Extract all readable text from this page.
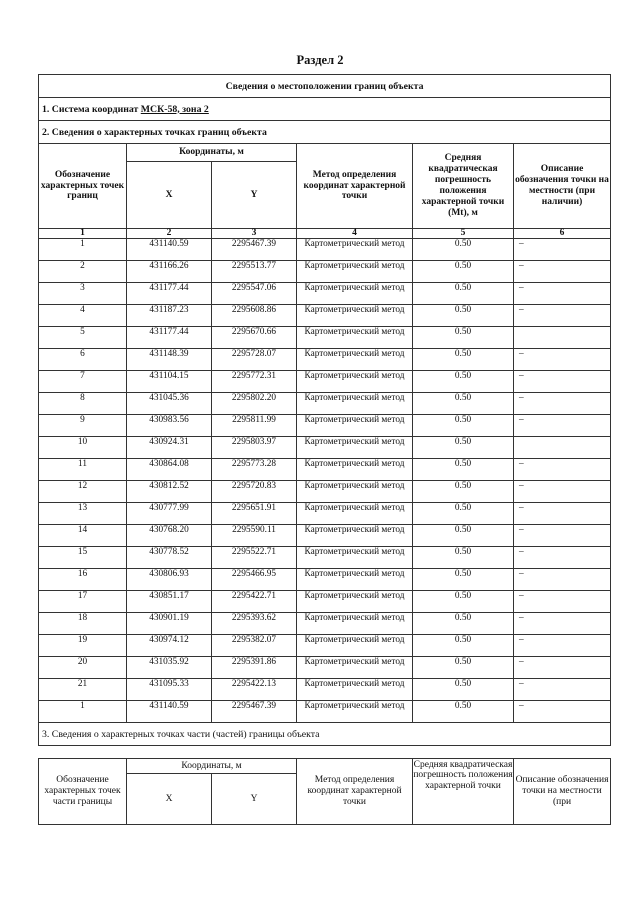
Раздел 2
Сведения о местоположении границ объекта					
1. Система координат МСК-58, зона 2					
2. Сведения о характерных точках границ объекта					
Обозначение характерных точек границ	Координаты, м		Метод определения координат характерной точки	Средняя квадратическая погрешность положения характерной точки (Mt), м	Описание обозначения точки на местности (при наличии)
	X	Y			
1	2	3	4	5	6
1	431140.59	2295467.39	Картометрический метод	0.50	–
2	431166.26	2295513.77	Картометрический метод	0.50	–
3	431177.44	2295547.06	Картометрический метод	0.50	–
4	431187.23	2295608.86	Картометрический метод	0.50	–
5	431177.44	2295670.66	Картометрический метод	0.50	
6	431148.39	2295728.07	Картометрический метод	0.50	–
7	431104.15	2295772.31	Картометрический метод	0.50	–
8	431045.36	2295802.20	Картометрический метод	0.50	–
9	430983.56	2295811.99	Картометрический метод	0.50	–
10	430924.31	2295803.97	Картометрический метод	0.50	
11	430864.08	2295773.28	Картометрический метод	0.50	–
12	430812.52	2295720.83	Картометрический метод	0.50	–
13	430777.99	2295651.91	Картометрический метод	0.50	–
14	430768.20	2295590.11	Картометрический метод	0.50	–
15	430778.52	2295522.71	Картометрический метод	0.50	–
16	430806.93	2295466.95	Картометрический метод	0.50	–
17	430851.17	2295422.71	Картометрический метод	0.50	–
18	430901.19	2295393.62	Картометрический метод	0.50	–
19	430974.12	2295382.07	Картометрический метод	0.50	–
20	431035.92	2295391.86	Картометрический метод	0.50	–
21	431095.33	2295422.13	Картометрический метод	0.50	–
1	431140.59	2295467.39	Картометрический метод	0.50	–
3. Сведения о характерных точках части (частей) границы объекта					
Обозначение характерных точек части границы	Координаты, м		Метод определения координат характерной точки	Средняя квадратическая погрешность положения характерной точки	Описание обозначения точки на местности (при
	X	Y			
